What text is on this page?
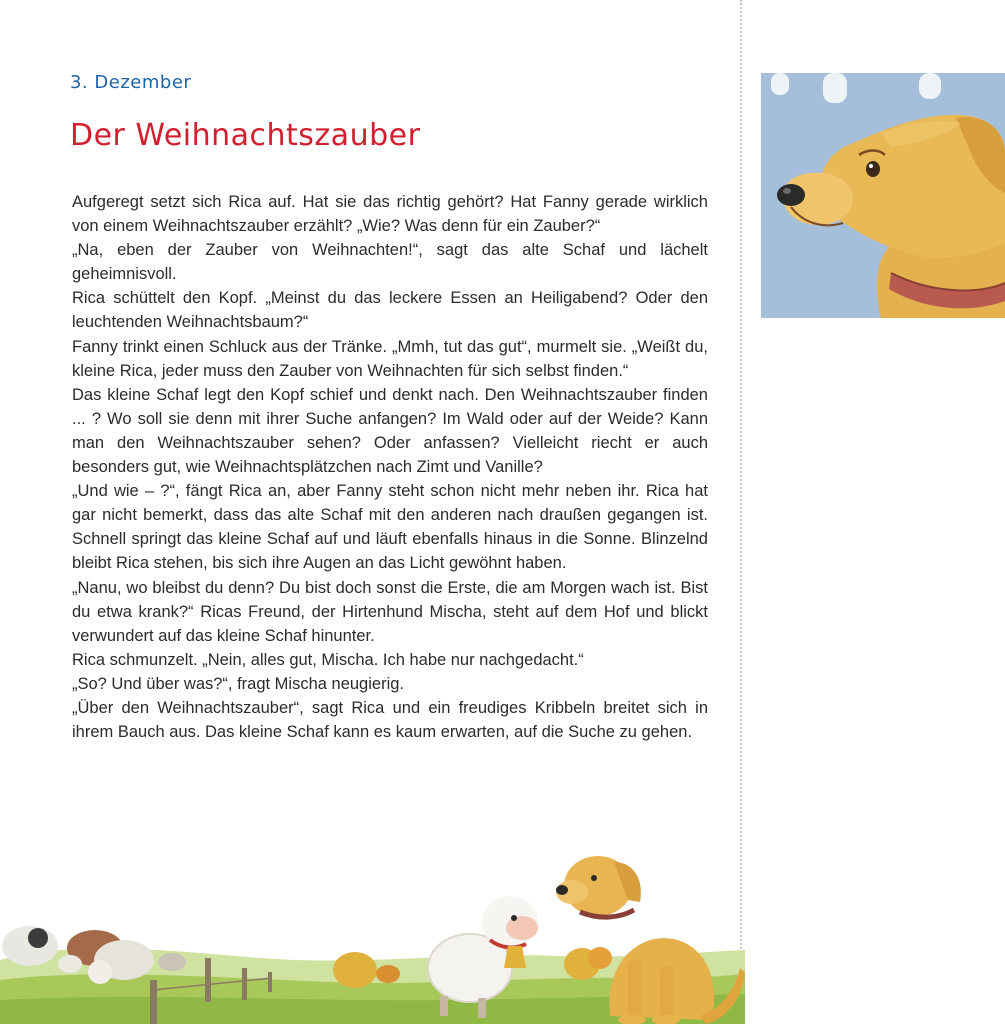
3. Dezember
Der Weihnachtszauber

Aufgeregt setzt sich Rica auf. Hat sie das richtig gehört? Hat Fanny gerade wirklich von einem Weihnachtszauber erzählt? „Wie? Was denn für ein Zauber?“

„Na, eben der Zauber von Weihnachten!“, sagt das alte Schaf und lächelt geheimnisvoll.

Rica schüttelt den Kopf. „Meinst du das leckere Essen an Heiligabend? Oder den leuchtenden Weihnachtsbaum?“

Fanny trinkt einen Schluck aus der Tränke. „Mmh, tut das gut“, murmelt sie. „Weißt du, kleine Rica, jeder muss den Zauber von Weihnachten für sich selbst finden.“

Das kleine Schaf legt den Kopf schief und denkt nach. Den Weihnachtszauber finden ... ? Wo soll sie denn mit ihrer Suche anfangen? Im Wald oder auf der Weide? Kann man den Weihnachtszauber sehen? Oder anfassen? Vielleicht riecht er auch besonders gut, wie Weihnachtsplätzchen nach Zimt und Vanille?

„Und wie – ?“, fängt Rica an, aber Fanny steht schon nicht mehr neben ihr. Rica hat gar nicht bemerkt, dass das alte Schaf mit den anderen nach draußen gegangen ist. Schnell springt das kleine Schaf auf und läuft ebenfalls hinaus in die Sonne. Blinzelnd bleibt Rica stehen, bis sich ihre Augen an das Licht gewöhnt haben.

„Nanu, wo bleibst du denn? Du bist doch sonst die Erste, die am Morgen wach ist. Bist du etwa krank?“ Ricas Freund, der Hirtenhund Mischa, steht auf dem Hof und blickt verwundert auf das kleine Schaf hinunter.

Rica schmunzelt. „Nein, alles gut, Mischa. Ich habe nur nachgedacht.“

„So? Und über was?“, fragt Mischa neugierig.

„Über den Weihnachtszauber“, sagt Rica und ein freudiges Kribbeln breitet sich in ihrem Bauch aus. Das kleine Schaf kann es kaum erwarten, auf die Suche zu gehen.
